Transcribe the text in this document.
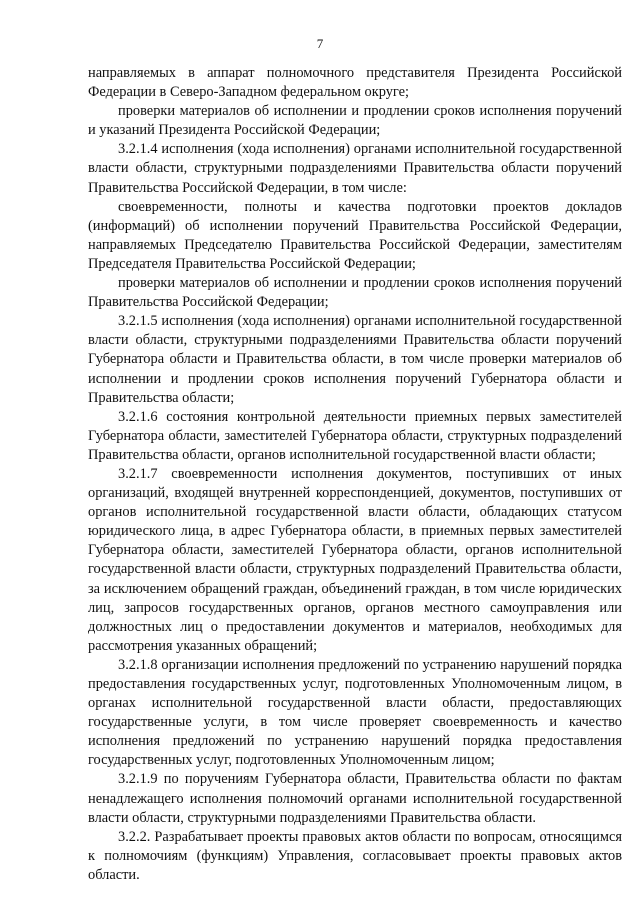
7

направляемых в аппарат полномочного представителя Президента Российской Федерации в Северо-Западном федеральном округе;

проверки материалов об исполнении и продлении сроков исполнения поручений и указаний Президента Российской Федерации;

3.2.1.4 исполнения (хода исполнения) органами исполнительной государственной власти области, структурными подразделениями Правительства области поручений Правительства Российской Федерации, в том числе:

своевременности, полноты и качества подготовки проектов докладов (информаций) об исполнении поручений Правительства Российской Федерации, направляемых Председателю Правительства Российской Федерации, заместителям Председателя Правительства Российской Федерации;

проверки материалов об исполнении и продлении сроков исполнения поручений Правительства Российской Федерации;

3.2.1.5 исполнения (хода исполнения) органами исполнительной государственной власти области, структурными подразделениями Правительства области поручений Губернатора области и Правительства области, в том числе проверки материалов об исполнении и продлении сроков исполнения поручений Губернатора области и Правительства области;

3.2.1.6 состояния контрольной деятельности приемных первых заместителей Губернатора области, заместителей Губернатора области, структурных подразделений Правительства области, органов исполнительной государственной власти области;

3.2.1.7 своевременности исполнения документов, поступивших от иных организаций, входящей внутренней корреспонденцией, документов, поступивших от органов исполнительной государственной власти области, обладающих статусом юридического лица, в адрес Губернатора области, в приемных первых заместителей Губернатора области, заместителей Губернатора области, органов исполнительной государственной власти области, структурных подразделений Правительства области, за исключением обращений граждан, объединений граждан, в том числе юридических лиц, запросов государственных органов, органов местного самоуправления или должностных лиц о предоставлении документов и материалов, необходимых для рассмотрения указанных обращений;

3.2.1.8 организации исполнения предложений по устранению нарушений порядка предоставления государственных услуг, подготовленных Уполномоченным лицом, в органах исполнительной государственной власти области, предоставляющих государственные услуги, в том числе проверяет своевременность и качество исполнения предложений по устранению нарушений порядка предоставления государственных услуг, подготовленных Уполномоченным лицом;

3.2.1.9 по поручениям Губернатора области, Правительства области по фактам ненадлежащего исполнения полномочий органами исполнительной государственной власти области, структурными подразделениями Правительства области.

3.2.2. Разрабатывает проекты правовых актов области по вопросам, относящимся к полномочиям (функциям) Управления, согласовывает проекты правовых актов области.
